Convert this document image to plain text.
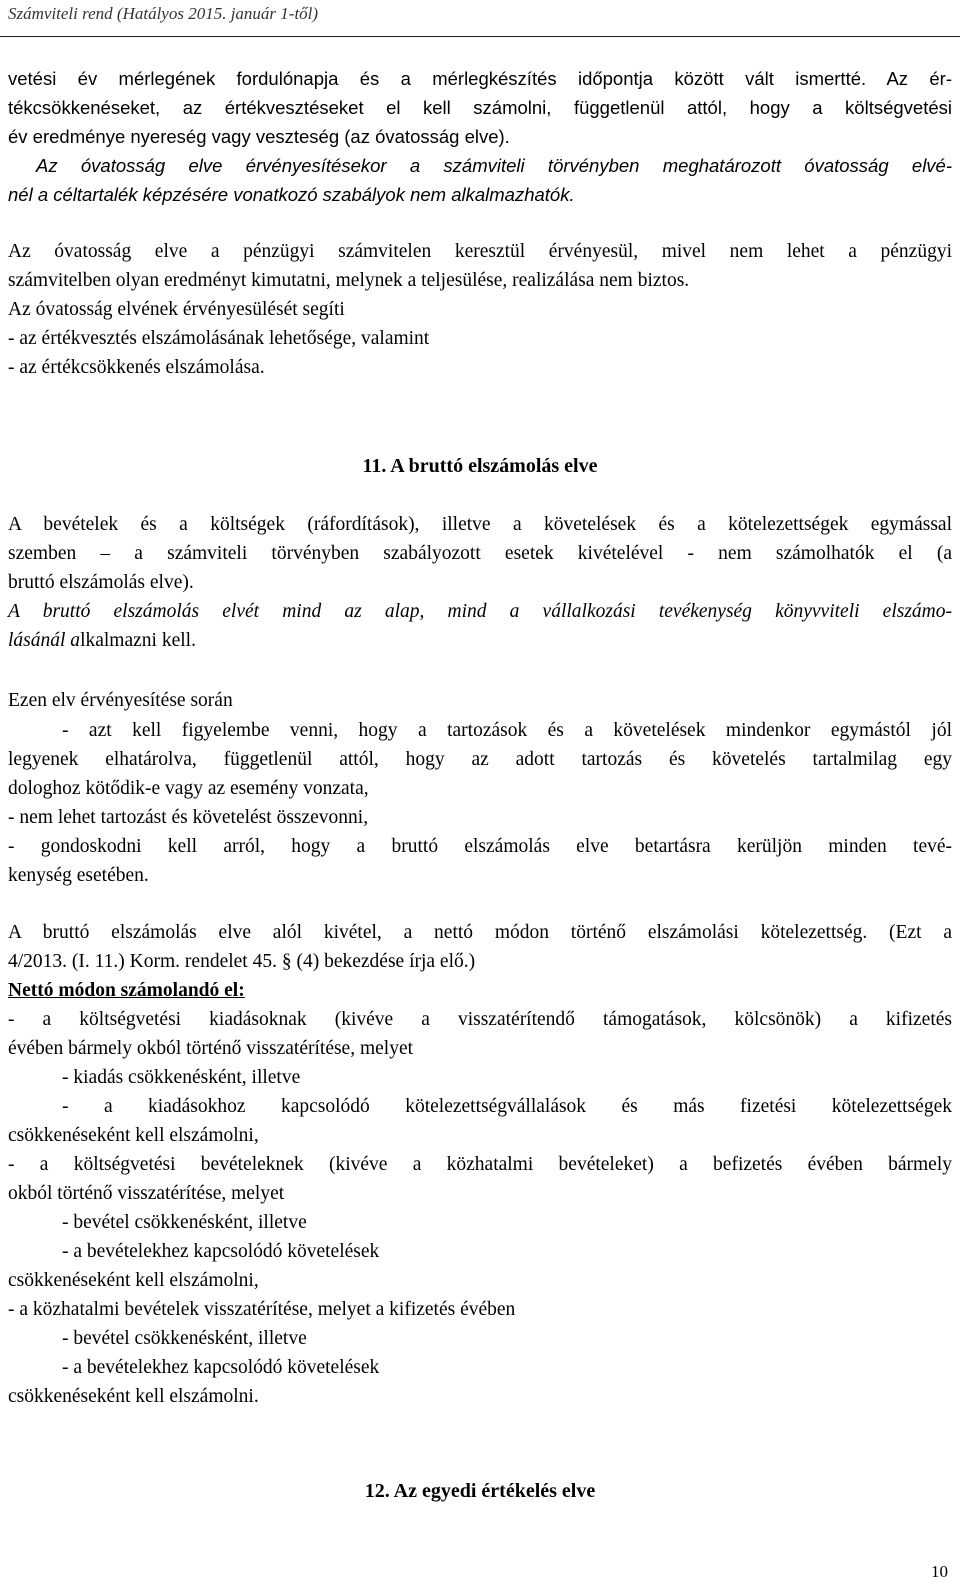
Számviteli rend (Hatályos 2015. január 1-től)

vetési év mérlegének fordulónapja és a mérlegkészítés időpontja között vált ismertté. Az ér-

tékcsökkenéseket, az értékvesztéseket el kell számolni, függetlenül attól, hogy a költségvetési

év eredménye nyereség vagy veszteség (az óvatosság elve).

Az óvatosság elve érvényesítésekor a számviteli törvényben meghatározott óvatosság elvé-

nél a céltartalék képzésére vonatkozó szabályok nem alkalmazhatók.

Az óvatosság elve a pénzügyi számvitelen keresztül érvényesül, mivel nem lehet a pénzügyi

számvitelben olyan eredményt kimutatni, melynek a teljesülése, realizálása nem biztos.

Az óvatosság elvének érvényesülését segíti

- az értékvesztés elszámolásának lehetősége, valamint

- az értékcsökkenés elszámolása.

11. A bruttó elszámolás elve

A bevételek és a költségek (ráfordítások), illetve a követelések és a kötelezettségek egymással

szemben – a számviteli törvényben szabályozott esetek kivételével - nem számolhatók el (a

bruttó elszámolás elve).

A bruttó elszámolás elvét mind az alap, mind a vállalkozási tevékenység könyvviteli elszámo-

lásánál alkalmazni kell.

Ezen elv érvényesítése során

- azt kell figyelembe venni, hogy a tartozások és a követelések mindenkor egymástól jól

legyenek elhatárolva, függetlenül attól, hogy az adott tartozás és követelés tartalmilag egy

dologhoz kötődik-e vagy az esemény vonzata,

- nem lehet tartozást és követelést összevonni,

- gondoskodni kell arról, hogy a bruttó elszámolás elve betartásra kerüljön minden tevé-

kenység esetében.

A bruttó elszámolás elve alól kivétel, a nettó módon történő elszámolási kötelezettség. (Ezt a

4/2013. (I. 11.) Korm. rendelet 45. § (4) bekezdése írja elő.)

Nettó módon számolandó el:

- a költségvetési kiadásoknak (kivéve a visszatérítendő támogatások, kölcsönök) a kifizetés

évében bármely okból történő visszatérítése, melyet

- kiadás csökkenésként, illetve

- a kiadásokhoz kapcsolódó kötelezettségvállalások és más fizetési kötelezettségek

csökkenéseként kell elszámolni,

- a költségvetési bevételeknek (kivéve a közhatalmi bevételeket) a befizetés évében bármely

okból történő visszatérítése, melyet

- bevétel csökkenésként, illetve

- a bevételekhez kapcsolódó követelések

csökkenéseként kell elszámolni,

- a közhatalmi bevételek visszatérítése, melyet a kifizetés évében

- bevétel csökkenésként, illetve

- a bevételekhez kapcsolódó követelések

csökkenéseként kell elszámolni.

12. Az egyedi értékelés elve

10
